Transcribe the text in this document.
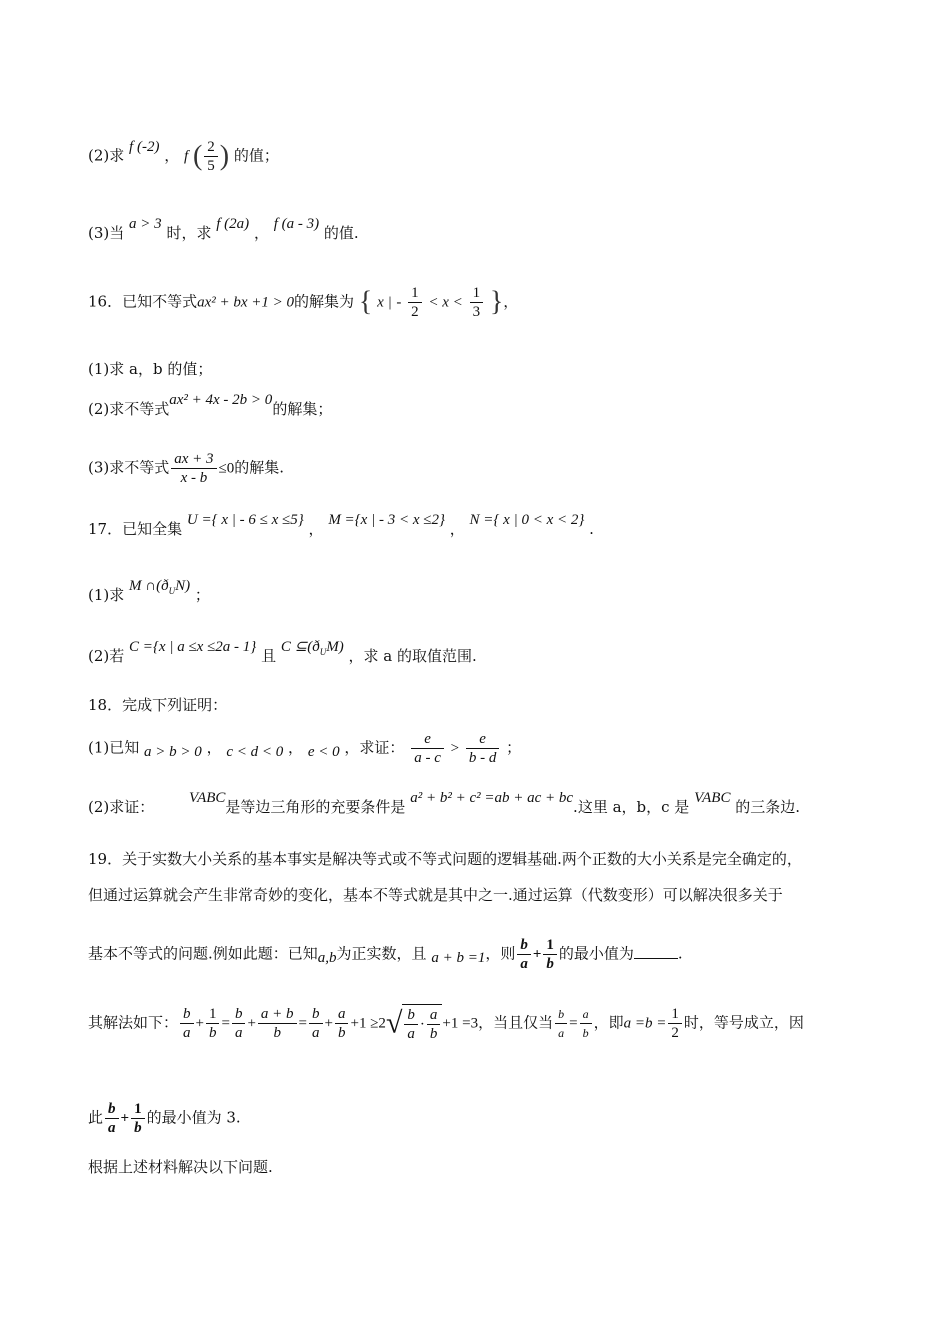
(2)求 f (-2) ， f ( $\frac{2}{5}$ ) 的值；
(3)当 a > 3 时，求 f (2a) ， f (a - 3) 的值.
16．已知不等式ax² + bx +1 > 0的解集为 { x | - $\frac{1}{2} < x < \frac{1}{3}$ }，
(1)求 a，b 的值；
(2)求不等式ax² + 4x - 2b > 0的解集；
(3)求不等式 $\frac{ax + 3}{x - b} \le 0$的解集.
17．已知全集 U ={ x | - 6 ≤ x ≤5} ， M ={x | - 3 < x ≤2} ， N ={ x | 0 < x < 2} .
(1)求 M $\cap(ð_UN)$ ；
(2)若 C ={x | a ≤x ≤2a - 1} 且 C $⊆(ð_UM)$ ，求 a 的取值范围.
18．完成下列证明：
(1)已知 a > b > 0 ， c < d < 0 ， e < 0 ，求证： $\frac{e}{a - c} > \frac{e}{b - d}$ ；
(2)求证： VABC是等边三角形的充要条件是 a² + b² + c² =ab + ac + bc.这里 a，b，c 是 VABC 的三条边.
19．关于实数大小关系的基本事实是解决等式或不等式问题的逻辑基础.两个正数的大小关系是完全确定的，
但通过运算就会产生非常奇妙的变化，基本不等式就是其中之一.通过运算（代数变形）可以解决很多关于
基本不等式的问题.例如此题：已知a,b为正实数，且 a + b =1，则 $\frac{b}{a} + \frac{1}{b}$ 的最小值为	.
其解法如下： $\frac{b}{a} + \frac{1}{b} = \frac{b}{a} + \frac{a + b}{b} = \frac{b}{a} + \frac{a}{b} +1 \ge 2√ \frac{b}{a} \cdot \frac{a}{b} +1 =3$，当且仅当 $\frac{b}{a} = \frac{a}{b}$ ，即$a =b = \frac{1}{2}$ 时，等号成立，因
此 $\frac{b}{a} + \frac{1}{b}$ 的最小值为 3.
根据上述材料解决以下问题.
